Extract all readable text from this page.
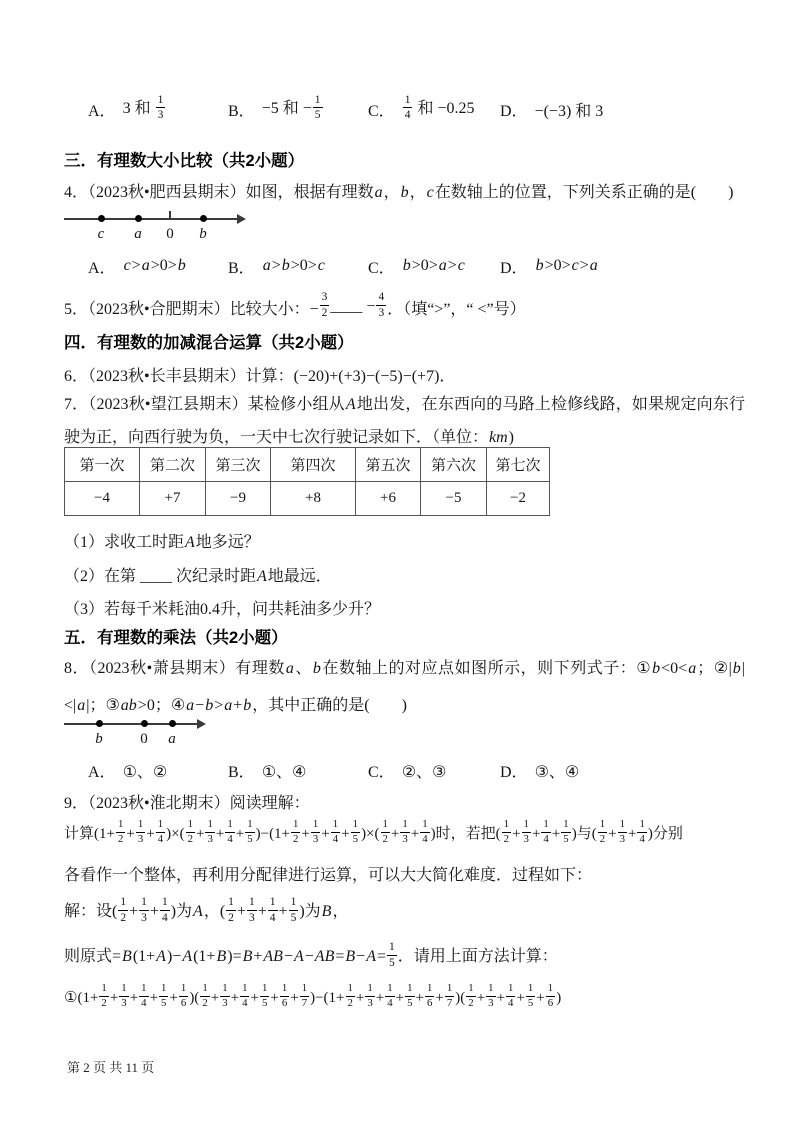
A． 3 和 $\frac{1}{3}$	B． −5 和 − $\frac{1}{5}$	C． $\frac{1}{4}$ 和 −0.25 D． −(−3) 和 3
三．有理数大小比较（共2小题）
4．（2023秋•肥西县期末）如图，根据有理数a，b，c在数轴上的位置，下列关系正确的是(　　)
c a 0 b
A． c>a>0>b	B． a>b>0>c	C． b>0>a>c D． b>0>c>a
5．（2023秋•合肥期末）比较大小：− $\frac{3}{2}$ ____ − $\frac{4}{3}$ ．（填“>”，“ <”号）
四．有理数的加减混合运算（共2小题）
6．（2023秋•长丰县期末）计算：(−20)+(+3)−(−5)−(+7)．
7．（2023秋•望江县期末）某检修小组从A地出发，在东西向的马路上检修线路，如果规定向东行驶为正，向西行驶为负，一天中七次行驶记录如下．（单位：km)
第一次	第二次	第三次	第四次	第五次	第六次	第七次
−4	+7	−9	+8	+6	−5	−2
（1）求收工时距A地多远？
（2）在第 ____ 次纪录时距A地最远．
（3）若每千米耗油0.4升，问共耗油多少升？
五．有理数的乘法（共2小题）
8．（2023秋•萧县期末）有理数a、b在数轴上的对应点如图所示，则下列式子：①b<0<a；②|b|<|a|；③ab>0；④a−b>a+b，其中正确的是(　　)
b	0 a
A． ①、②	B． ①、④	C． ②、③	D． ③、④
9．（2023秋•淮北期末）阅读理解：
计算($1+ \frac{1}{2} + \frac{1}{3} + \frac{1}{4}$ )×( $\frac{1}{2} + \frac{1}{3} + \frac{1}{4} + \frac{1}{5} )-(1+ \frac{1}{2} + \frac{1}{3} + \frac{1}{4} + \frac{1}{5}$ )×( $\frac{1}{2} + \frac{1}{3} + \frac{1}{4}$ )时，若把( $\frac{1}{2} + \frac{1}{3} + \frac{1}{4} + \frac{1}{5}$ )与( $\frac{1}{2} + \frac{1}{3} + \frac{1}{4}$ )分别
各看作一个整体，再利用分配律进行运算，可以大大简化难度．过程如下：
解：设( $\frac{1}{2} + \frac{1}{3} + \frac{1}{4}$ )为 A ，( $\frac{1}{2} + \frac{1}{3} + \frac{1}{4} + \frac{1}{5}$ )为 B ，
则原式= B (1+ A )− A (1+ B )= B + AB − A − AB = $B - A = \frac{1}{5}$ ．请用上面方法计算：
①(1+ $\frac{1}{2} + \frac{1}{3} + \frac{1}{4} + \frac{1}{5} + \frac{1}{6}$ )( $\frac{1}{2} + \frac{1}{3} + \frac{1}{4} + \frac{1}{5} + \frac{1}{6} + \frac{1}{7} )-(1+ \frac{1}{2} + \frac{1}{3} + \frac{1}{4} + \frac{1}{5} + \frac{1}{6} + \frac{1}{7}$ )( $\frac{1}{2} + \frac{1}{3} + \frac{1}{4} + \frac{1}{5} + \frac{1}{6}$ )
第 2 页 共 11 页
